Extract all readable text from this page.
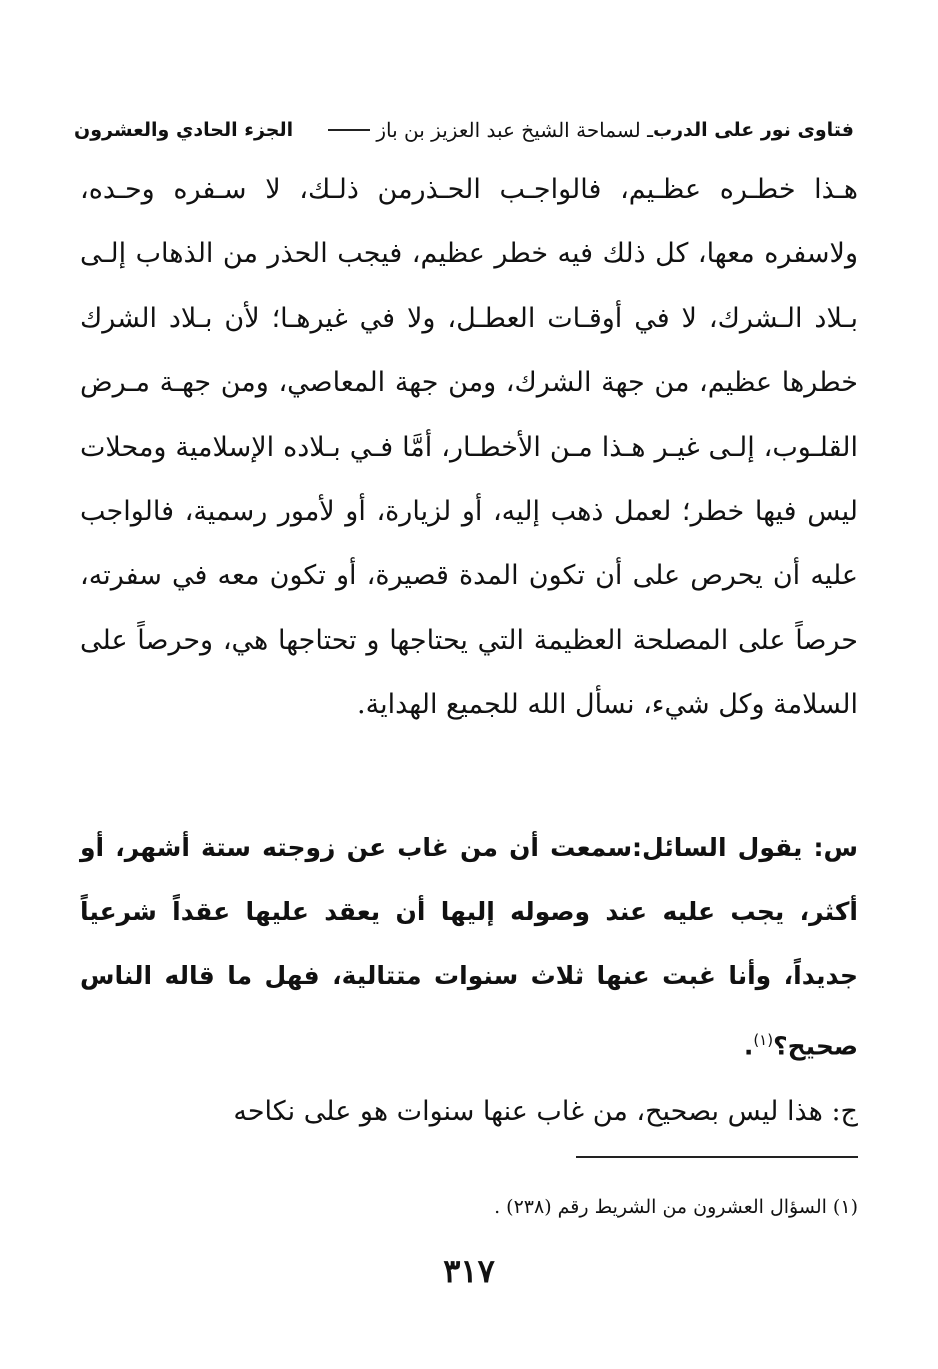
فتاوى نور على الدرب
ـ لسماحة الشيخ عبد العزيز بن باز
الجزء الحادي والعشرون

هـذا خطـره عظـيم، فالواجـب الحـذرمن ذلـك، لا سـفره وحـده، ولاسفره معها، كل ذلك فيه خطر عظيم، فيجب الحذر من الذهاب إلـى بـلاد الـشرك، لا في أوقـات العطـل، ولا في غيرهـا؛ لأن بـلاد الشرك خطرها عظيم، من جهة الشرك، ومن جهة المعاصي، ومن جهـة مـرض القلـوب، إلـى غيـر هـذا مـن الأخطـار، أمَّا فـي بـلاده الإسلامية ومحلات ليس فيها خطر؛ لعمل ذهب إليه، أو لزيارة، أو لأمور رسمية، فالواجب عليه أن يحرص على أن تكون المدة قصيرة، أو تكون معه في سفرته، حرصاً على المصلحة العظيمة التي يحتاجها و تحتاجها هي، وحرصاً على السلامة وكل شيء، نسأل الله للجميع الهداية.

س: يقول السائل:سمعت أن من غاب عن زوجته ستة أشهر، أو أكثر، يجب عليه عند وصوله إليها أن يعقد عليها عقداً شرعياً جديداً، وأنا غبت عنها ثلاث سنوات متتالية، فهل ما قاله الناس صحيح؟$^{(١)}$.

ج: هذا ليس بصحيح، من غاب عنها سنوات هو على نكاحه

(١) السؤال العشرون من الشريط رقم (٢٣٨) .
٣١٧
